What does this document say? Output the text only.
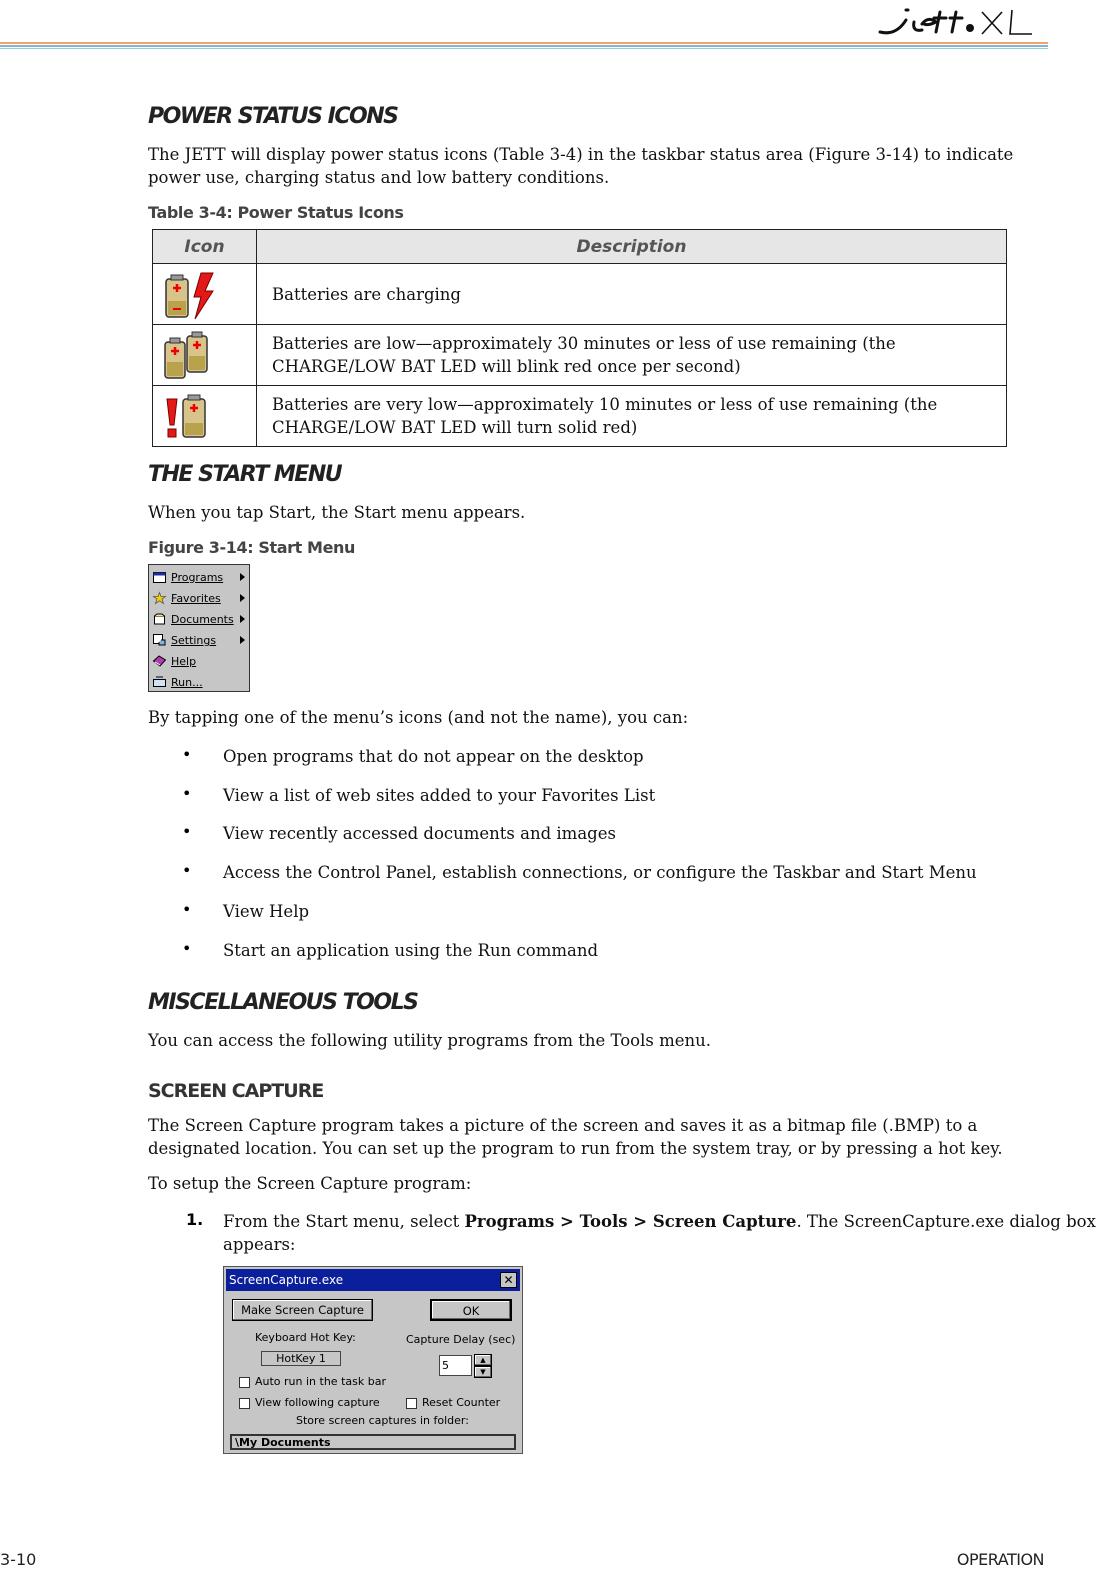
POWER STATUS ICONS
The JETT will display power status icons (Table 3-4) in the taskbar status area (Figure 3-14) to indicate
power use, charging status and low battery conditions.
Table 3-4: Power Status Icons
Icon	Description

Batteries are charging

Batteries are low—approximately 30 minutes or less of use remaining (the
CHARGE/LOW BAT LED will blink red once per second)

Batteries are very low—approximately 10 minutes or less of use remaining (the
CHARGE/LOW BAT LED will turn solid red)
THE START MENU
When you tap Start, the Start menu appears.
Figure 3-14: Start Menu
Programs
Favorites
Documents
Settings
Help
Run...
By tapping one of the menu’s icons (and not the name), you can:
• Open programs that do not appear on the desktop
• View a list of web sites added to your Favorites List
• View recently accessed documents and images
• Access the Control Panel, establish connections, or configure the Taskbar and Start Menu
• View Help
• Start an application using the Run command
MISCELLANEOUS TOOLS
You can access the following utility programs from the Tools menu.
SCREEN CAPTURE
The Screen Capture program takes a picture of the screen and saves it as a bitmap file (.BMP) to a
designated location. You can set up the program to run from the system tray, or by pressing a hot key.
To setup the Screen Capture program:
1. From the Start menu, select Programs > Tools > Screen Capture. The ScreenCapture.exe dialog box
appears:
ScreenCapture.exe	✕
Make Screen Capture	OK
Keyboard Hot Key:	Capture Delay (sec)
HotKey 1
5	▲
▼
Auto run in the task bar
View following capture	Reset Counter
Store screen captures in folder:
\My Documents
3-10	OPERATION
